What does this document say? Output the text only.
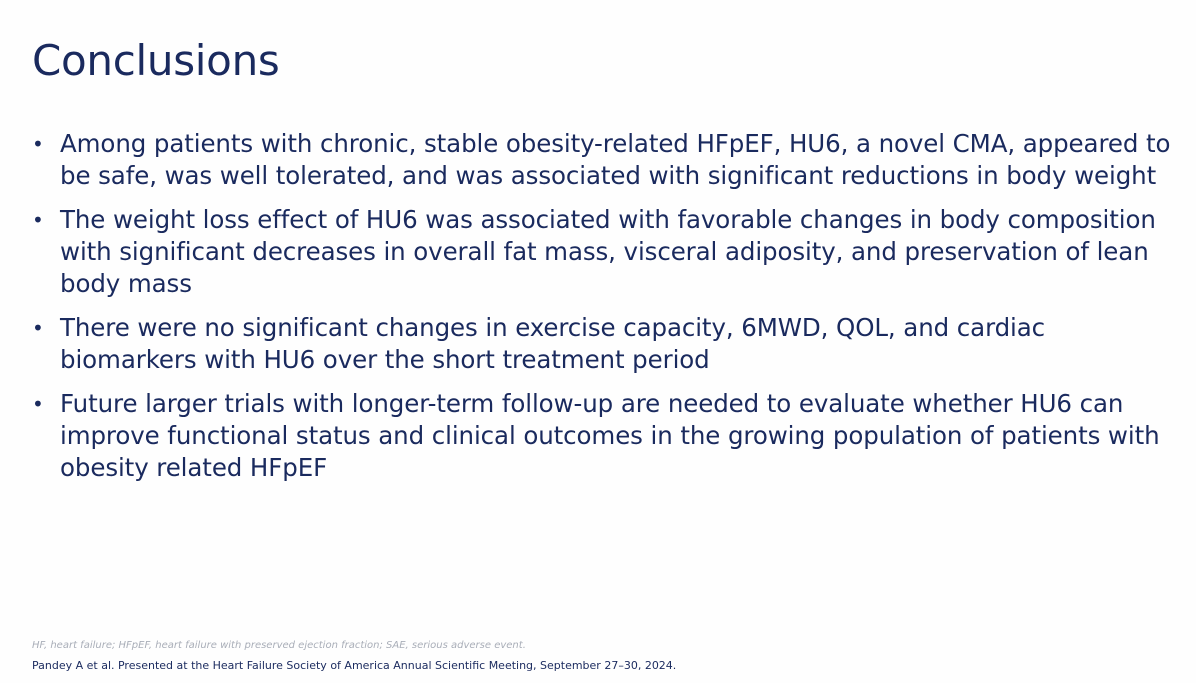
Conclusions
• Among patients with chronic, stable obesity-related HFpEF, HU6, a novel CMA, appeared to be safe, was well tolerated, and was associated with significant reductions in body weight
• The weight loss effect of HU6 was associated with favorable changes in body composition with significant decreases in overall fat mass, visceral adiposity, and preservation of lean body mass
• There were no significant changes in exercise capacity, 6MWD, QOL, and cardiac biomarkers with HU6 over the short treatment period
• Future larger trials with longer-term follow-up are needed to evaluate whether HU6 can improve functional status and clinical outcomes in the growing population of patients with obesity related HFpEF
HF, heart failure; HFpEF, heart failure with preserved ejection fraction; SAE, serious adverse event.
Pandey A et al. Presented at the Heart Failure Society of America Annual Scientific Meeting, September 27–30, 2024.
